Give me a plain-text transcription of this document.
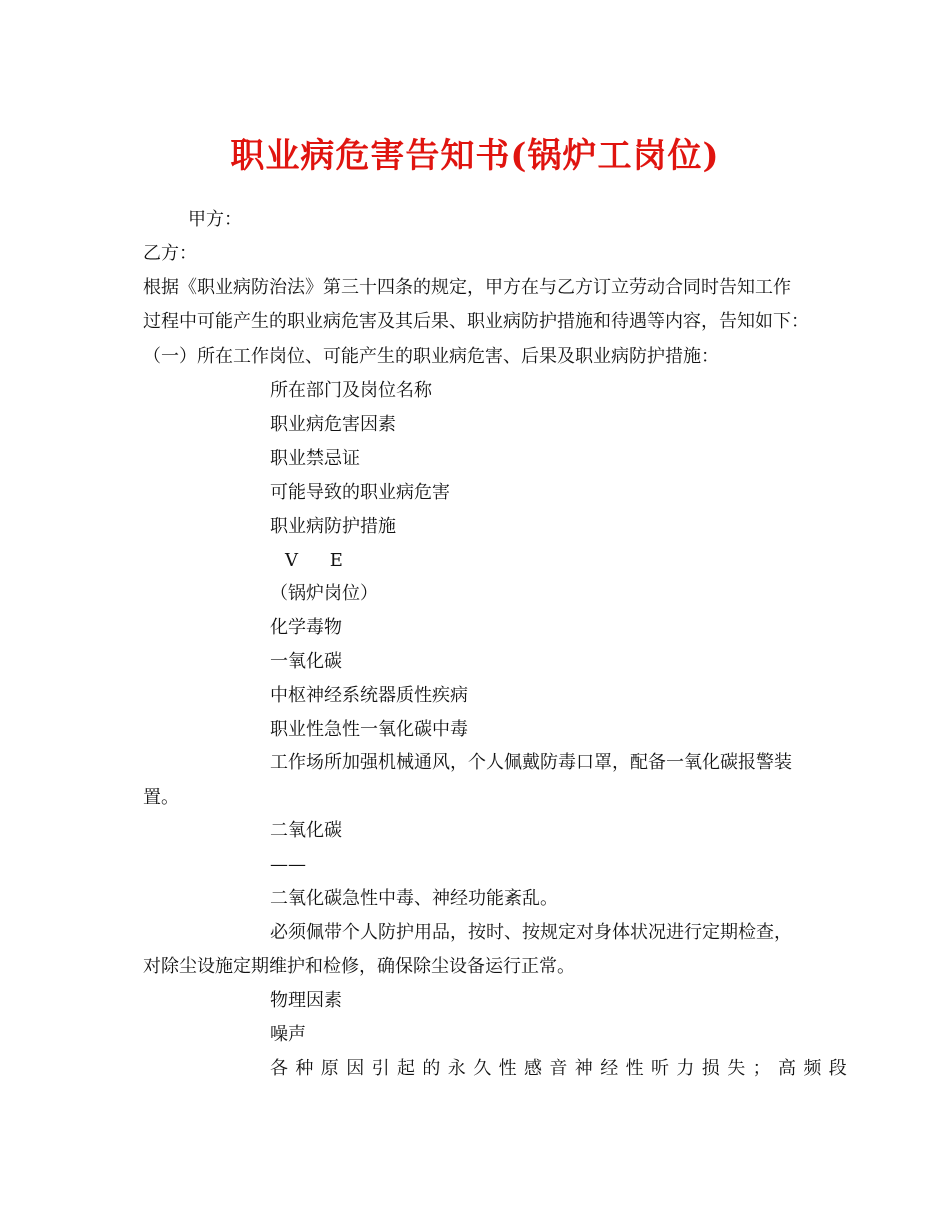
职业病危害告知书(锅炉工岗位)
甲方：
乙方：
根据《职业病防治法》第三十四条的规定，甲方在与乙方订立劳动合同时告知工作
过程中可能产生的职业病危害及其后果、职业病防护措施和待遇等内容，告知如下：
（一）所在工作岗位、可能产生的职业病危害、后果及职业病防护措施：
所在部门及岗位名称
职业病危害因素
职业禁忌证
可能导致的职业病危害
职业病防护措施
V E
（锅炉岗位）
化学毒物
一氧化碳
中枢神经系统器质性疾病
职业性急性一氧化碳中毒
工作场所加强机械通风，个人佩戴防毒口罩，配备一氧化碳报警装
置。
二氧化碳
——
二氧化碳急性中毒、神经功能紊乱。
必须佩带个人防护用品，按时、按规定对身体状况进行定期检查，
对除尘设施定期维护和检修，确保除尘设备运行正常。
物理因素
噪声
各种原因引起的永久性感音神经性听力损失；高频段
